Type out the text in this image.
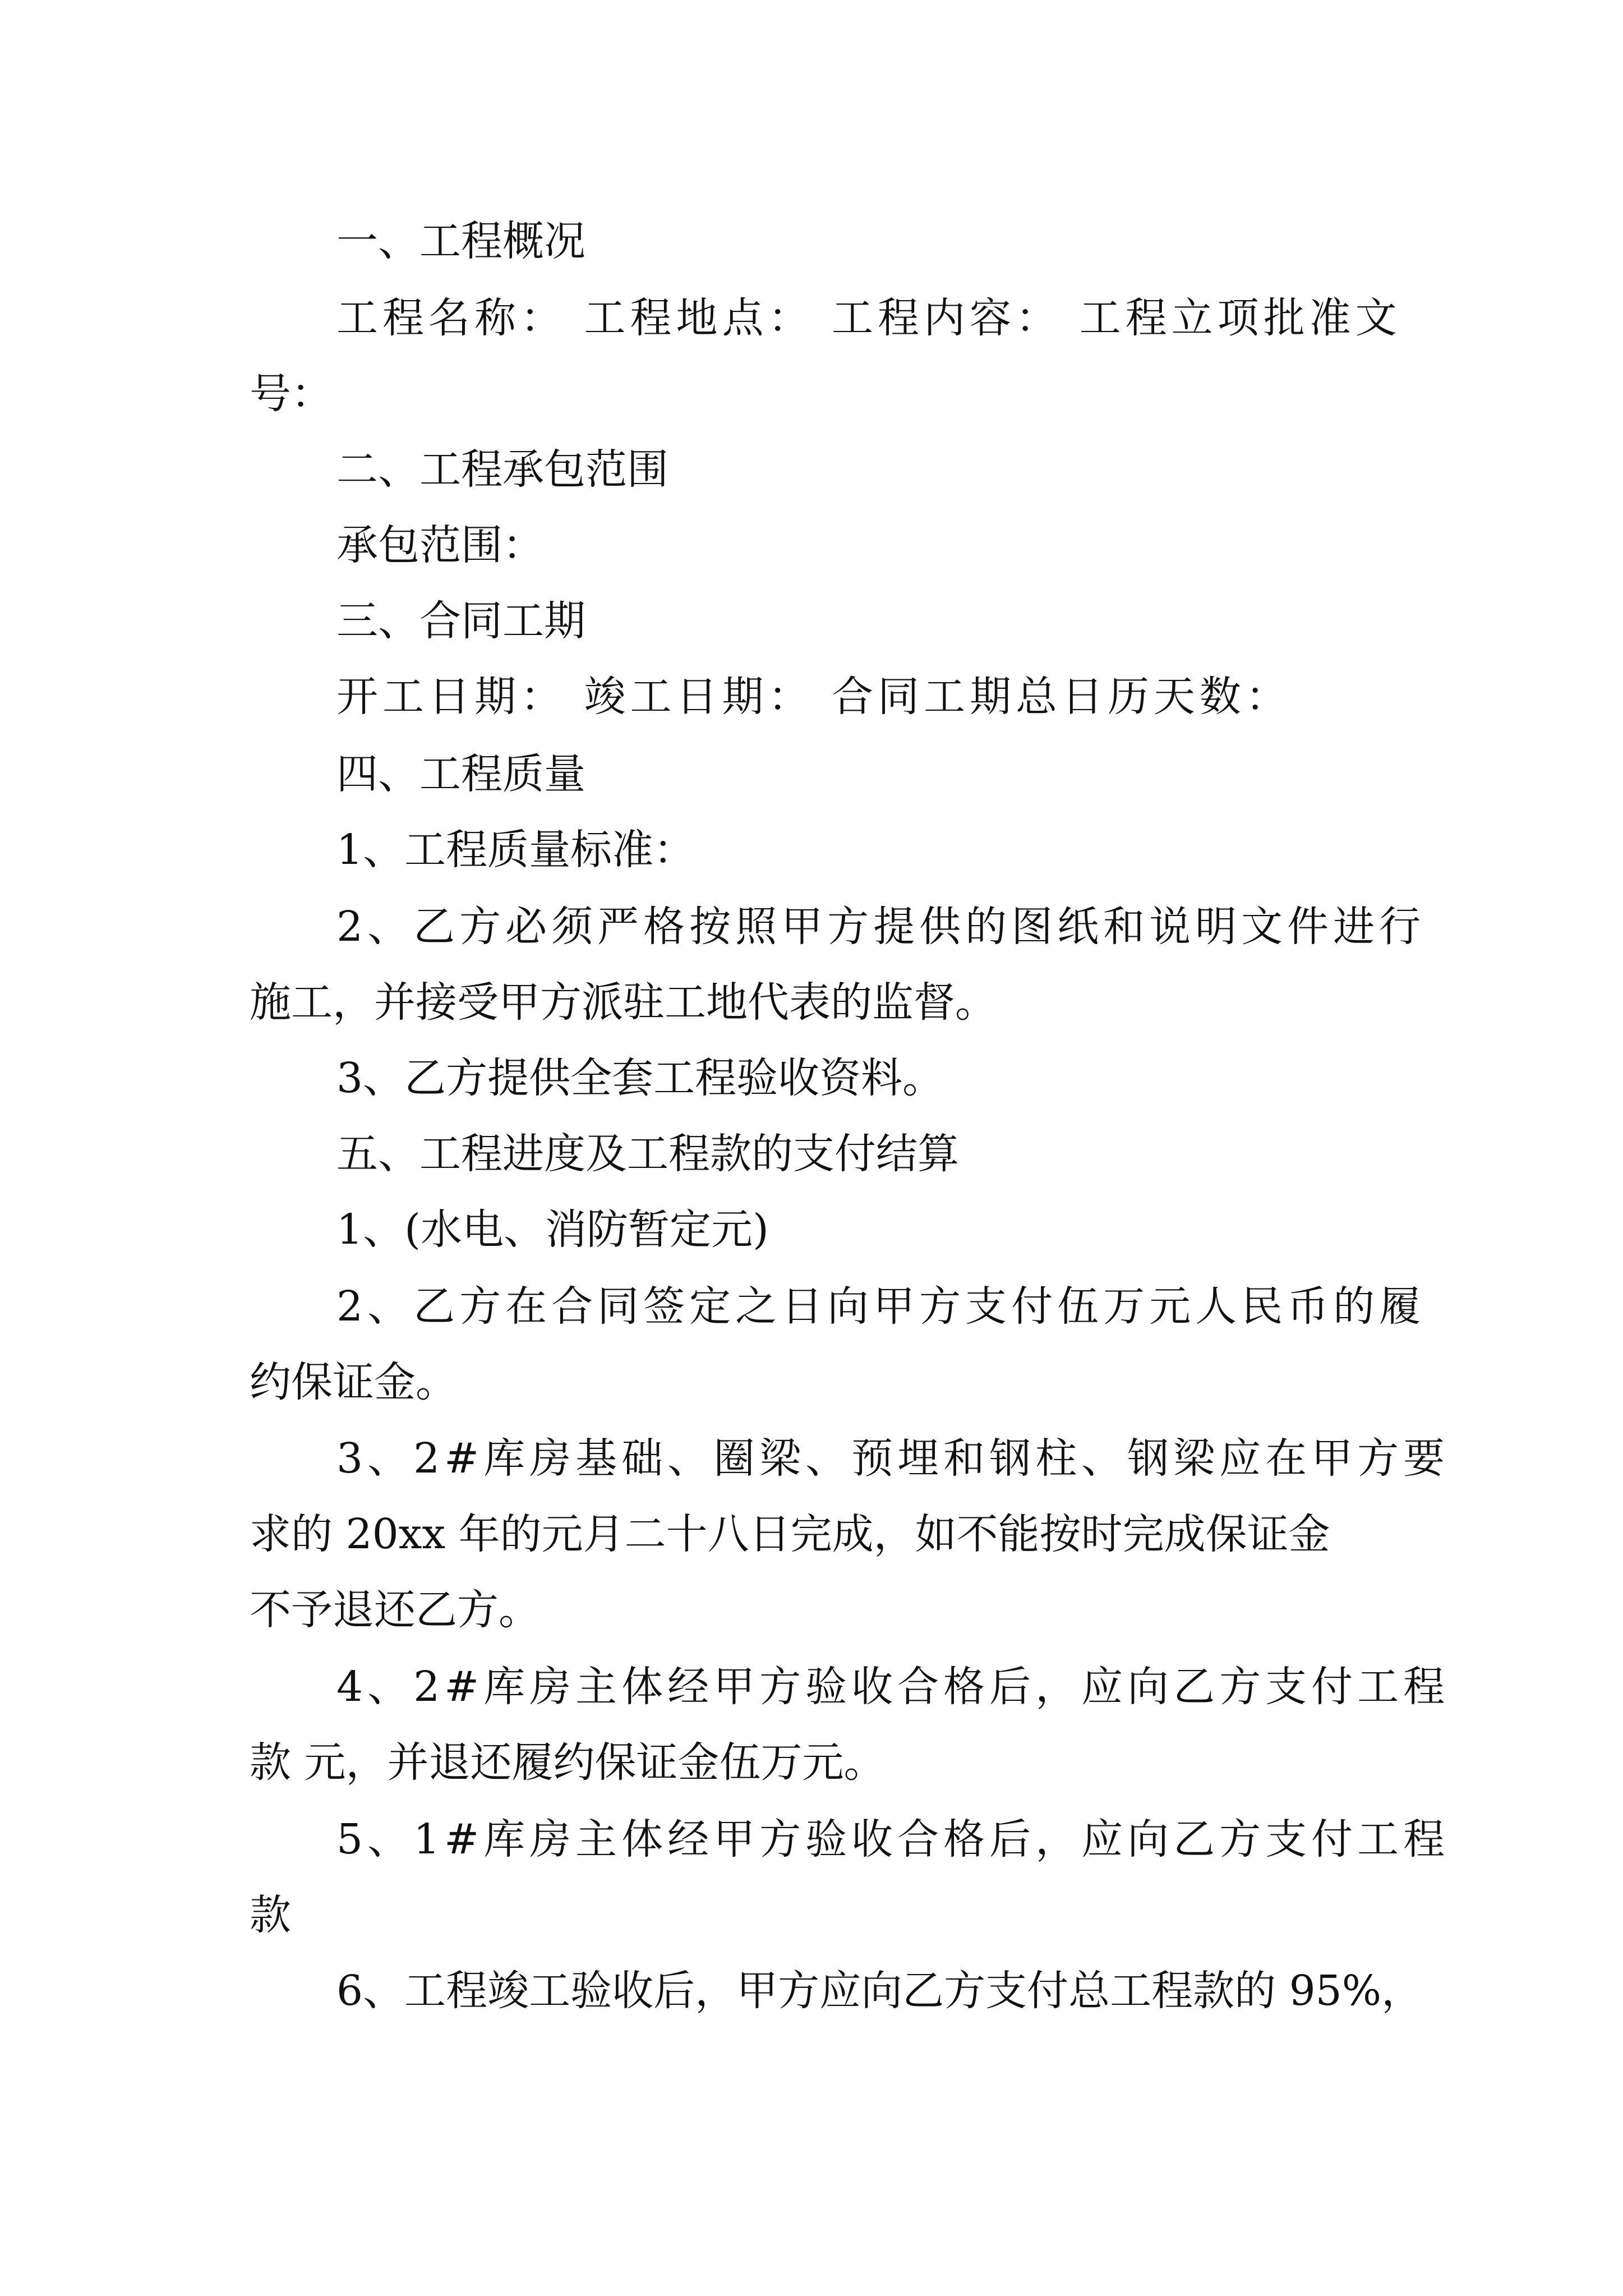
一、工程概况
工程名称： 工程地点： 工程内容： 工程立项批准文
号：
二、工程承包范围
承包范围：
三、合同工期
开工日期： 竣工日期： 合同工期总日历天数：
四、工程质量
1、工程质量标准：
2、乙方必须严格按照甲方提供的图纸和说明文件进行
施工，并接受甲方派驻工地代表的监督。
3、乙方提供全套工程验收资料。
五、工程进度及工程款的支付结算
1、(水电、消防暂定元)
2、乙方在合同签定之日向甲方支付伍万元人民币的履
约保证金。
3、2#库房基础、圈梁、预埋和钢柱、钢梁应在甲方要
求的 20xx 年的元月二十八日完成，如不能按时完成保证金
不予退还乙方。
4、2#库房主体经甲方验收合格后，应向乙方支付工程
款 元，并退还履约保证金伍万元。
5、1#库房主体经甲方验收合格后，应向乙方支付工程
款
6、工程竣工验收后，甲方应向乙方支付总工程款的 95%，
